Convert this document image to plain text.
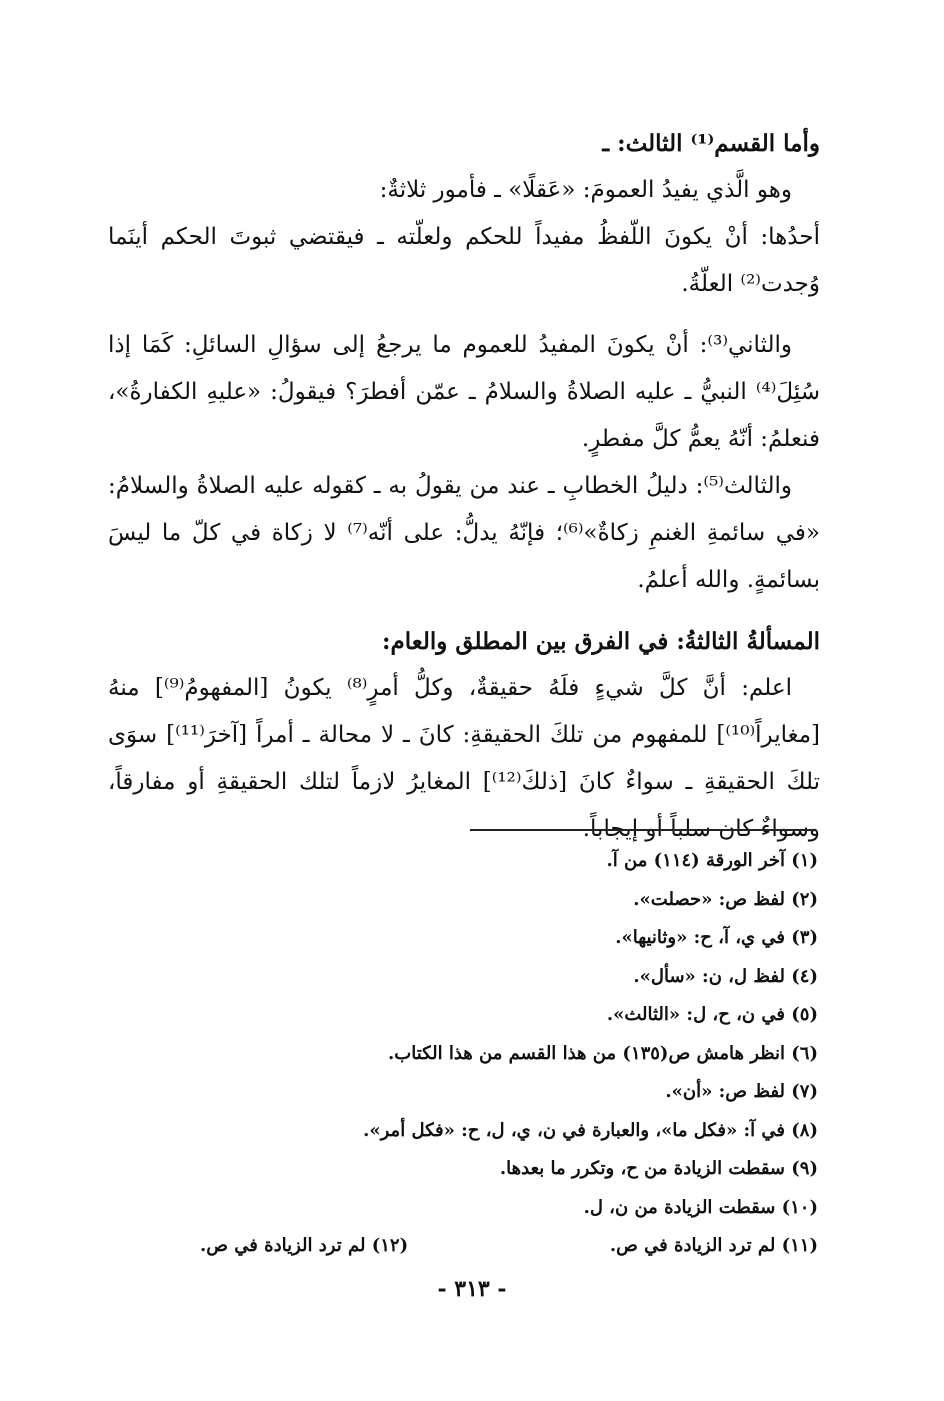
وأما القسم⁽¹⁾ الثالث: ـ

وهو الَّذي يفيدُ العمومَ: «عَقلًا» ـ فأمور ثلاثةٌ:

أحدُها: أنْ يكونَ اللّفظُ مفيداً للحكم ولعلّته ـ فيقتضي ثبوتَ الحكم أينَما وُجدت⁽²⁾ العلّةُ.

والثاني⁽³⁾: أنْ يكونَ المفيدُ للعموم ما يرجعُ إلى سؤالِ السائلِ: كَمَا إذا سُئِلَ⁽⁴⁾ النبيُّ ـ عليه الصلاةُ والسلامُ ـ عمّن أفطرَ؟ فيقولُ: «عليهِ الكفارةُ»، فنعلمُ: أنّهُ يعمُّ كلَّ مفطرٍ.

والثالث⁽⁵⁾: دليلُ الخطابِ ـ عند من يقولُ به ـ كقوله عليه الصلاةُ والسلامُ: «في سائمةِ الغنمِ زكاةٌ»⁽⁶⁾؛ فإنّهُ يدلُّ: على أنّه⁽⁷⁾ لا زكاة في كلّ ما ليسَ بسائمةٍ. والله أعلمُ.

المسألةُ الثالثةُ: في الفرق بين المطلق والعام:

اعلم: أنَّ كلَّ شيءٍ فلَهُ حقيقةٌ، وكلُّ أمرٍ⁽⁸⁾ يكونُ [المفهومُ⁽⁹⁾] منهُ [مغايراً⁽¹⁰⁾] للمفهوم من تلكَ الحقيقةِ: كانَ ـ لا محالة ـ أمراً [آخرَ⁽¹¹⁾] سوَى تلكَ الحقيقةِ ـ سواءٌ كانَ [ذلكَ⁽¹²⁾] المغايرُ لازماً لتلك الحقيقةِ أو مفارقاً، وسواءٌ كان سلباً أو إيجاباً.

(١) آخر الورقة (١١٤) من آ.

(٢) لفظ ص: «حصلت».

(٣) في ي، آ، ح: «وثانيها».

(٤) لفظ ل، ن: «سأل».

(٥) في ن، ح، ل: «الثالث».

(٦) انظر هامش ص(١٣٥) من هذا القسم من هذا الكتاب.

(٧) لفظ ص: «أن».

(٨) في آ: «فكل ما»، والعبارة في ن، ي، ل، ح: «فكل أمر».

(٩) سقطت الزيادة من ح، وتكرر ما بعدها.

(١٠) سقطت الزيادة من ن، ل.

(١١) لم ترد الزيادة في ص.
(١٢) لم ترد الزيادة في ص.

- ٣١٣ -
